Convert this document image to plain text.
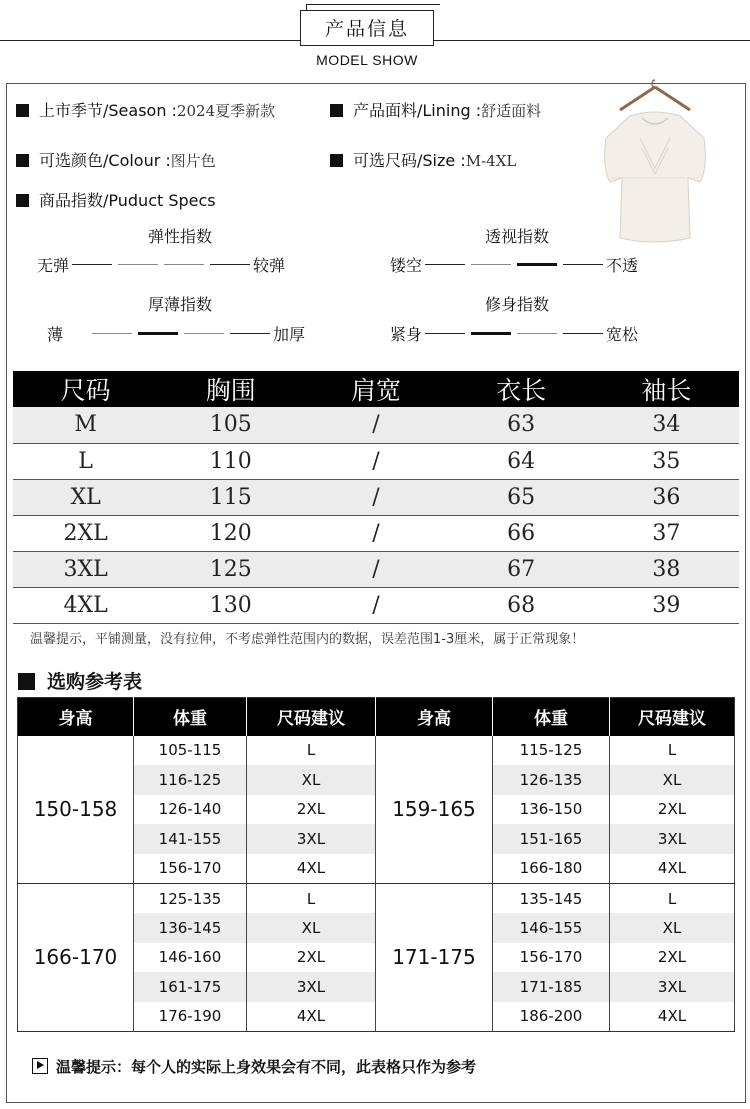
产品信息
MODEL SHOW
上市季节/Season :2024夏季新款	产品面料/Lining :舒适面料
可选颜色/Colour :图片色	可选尺码/Size :M-4XL
商品指数/Puduct Specs
弹性指数
无弹	较弹
透视指数
镂空	不透
厚薄指数
薄	加厚
修身指数
紧身	宽松
尺码	胸围	肩宽	衣长	袖长
M	105	/	63	34
L	110	/	64	35
XL	115	/	65	36
2XL	120	/	66	37
3XL	125	/	67	38
4XL	130	/	68	39
温馨提示，平铺测量，没有拉伸，不考虑弹性范围内的数据，误差范围1-3厘米，属于正常现象！
选购参考表
身高	体重	尺码建议	身高	体重	尺码建议
150-158	105-115	L	159-165	115-125	L
	116-125	XL		126-135	XL
	126-140	2XL		136-150	2XL
	141-155	3XL		151-165	3XL
	156-170	4XL		166-180	4XL
166-170	125-135	L	171-175	135-145	L
	136-145	XL		146-155	XL
	146-160	2XL		156-170	2XL
	161-175	3XL		171-185	3XL
	176-190	4XL		186-200	4XL
温馨提示：每个人的实际上身效果会有不同，此表格只作为参考
